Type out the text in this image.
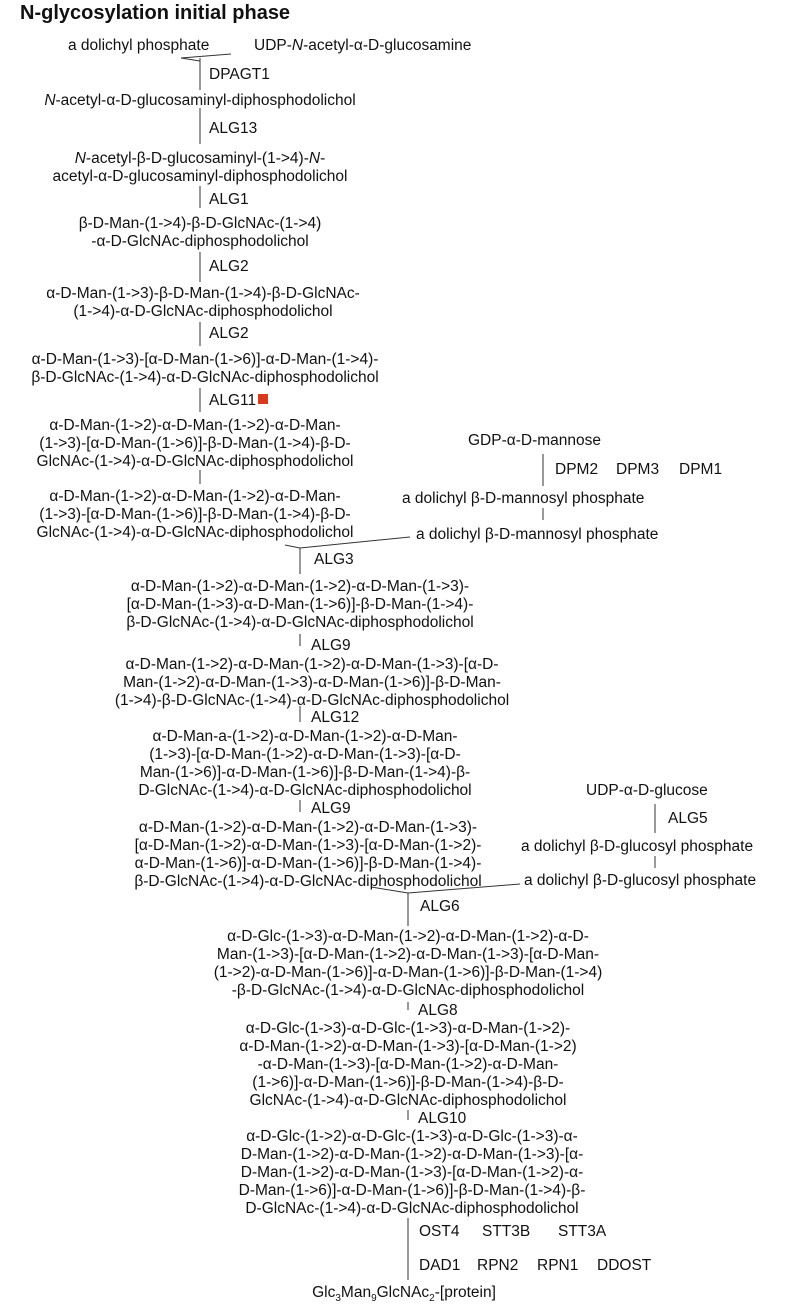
N-glycosylation initial phase
a dolichyl phosphate	UDP-N-acetyl-α-D-glucosamine
DPAGT1
N-acetyl-α-D-glucosaminyl-diphosphodolichol
ALG13
N-acetyl-β-D-glucosaminyl-(1->4)-N-
acetyl-α-D-glucosaminyl-diphosphodolichol
ALG1
β-D-Man-(1->4)-β-D-GlcNAc-(1->4)
-α-D-GlcNAc-diphosphodolichol
ALG2
α-D-Man-(1->3)-β-D-Man-(1->4)-β-D-GlcNAc-
(1->4)-α-D-GlcNAc-diphosphodolichol
ALG2
α-D-Man-(1->3)-[α-D-Man-(1->6)]-α-D-Man-(1->4)-
β-D-GlcNAc-(1->4)-α-D-GlcNAc-diphosphodolichol
ALG11
α-D-Man-(1->2)-α-D-Man-(1->2)-α-D-Man-
(1->3)-[α-D-Man-(1->6)]-β-D-Man-(1->4)-β-D-
GlcNAc-(1->4)-α-D-GlcNAc-diphosphodolichol
α-D-Man-(1->2)-α-D-Man-(1->2)-α-D-Man-
(1->3)-[α-D-Man-(1->6)]-β-D-Man-(1->4)-β-D-
GlcNAc-(1->4)-α-D-GlcNAc-diphosphodolichol
GDP-α-D-mannose
DPM2 DPM3 DPM1
a dolichyl β-D-mannosyl phosphate
a dolichyl β-D-mannosyl phosphate
ALG3
α-D-Man-(1->2)-α-D-Man-(1->2)-α-D-Man-(1->3)-
[α-D-Man-(1->3)-α-D-Man-(1->6)]-β-D-Man-(1->4)-
β-D-GlcNAc-(1->4)-α-D-GlcNAc-diphosphodolichol
ALG9
α-D-Man-(1->2)-α-D-Man-(1->2)-α-D-Man-(1->3)-[α-D-
Man-(1->2)-α-D-Man-(1->3)-α-D-Man-(1->6)]-β-D-Man-
(1->4)-β-D-GlcNAc-(1->4)-α-D-GlcNAc-diphosphodolichol
ALG12
α-D-Man-a-(1->2)-α-D-Man-(1->2)-α-D-Man-
(1->3)-[α-D-Man-(1->2)-α-D-Man-(1->3)-[α-D-
Man-(1->6)]-α-D-Man-(1->6)]-β-D-Man-(1->4)-β-
D-GlcNAc-(1->4)-α-D-GlcNAc-diphosphodolichol
ALG9
α-D-Man-(1->2)-α-D-Man-(1->2)-α-D-Man-(1->3)-
[α-D-Man-(1->2)-α-D-Man-(1->3)-[α-D-Man-(1->2)-
α-D-Man-(1->6)]-α-D-Man-(1->6)]-β-D-Man-(1->4)-
β-D-GlcNAc-(1->4)-α-D-GlcNAc-diphosphodolichol
UDP-α-D-glucose
ALG5
a dolichyl β-D-glucosyl phosphate
a dolichyl β-D-glucosyl phosphate
ALG6
α-D-Glc-(1->3)-α-D-Man-(1->2)-α-D-Man-(1->2)-α-D-
Man-(1->3)-[α-D-Man-(1->2)-α-D-Man-(1->3)-[α-D-Man-
(1->2)-α-D-Man-(1->6)]-α-D-Man-(1->6)]-β-D-Man-(1->4)
-β-D-GlcNAc-(1->4)-α-D-GlcNAc-diphosphodolichol
ALG8
α-D-Glc-(1->3)-α-D-Glc-(1->3)-α-D-Man-(1->2)-
α-D-Man-(1->2)-α-D-Man-(1->3)-[α-D-Man-(1->2)
-α-D-Man-(1->3)-[α-D-Man-(1->2)-α-D-Man-
(1->6)]-α-D-Man-(1->6)]-β-D-Man-(1->4)-β-D-
GlcNAc-(1->4)-α-D-GlcNAc-diphosphodolichol
ALG10
α-D-Glc-(1->2)-α-D-Glc-(1->3)-α-D-Glc-(1->3)-α-
D-Man-(1->2)-α-D-Man-(1->2)-α-D-Man-(1->3)-[α-
D-Man-(1->2)-α-D-Man-(1->3)-[α-D-Man-(1->2)-α-
D-Man-(1->6)]-α-D-Man-(1->6)]-β-D-Man-(1->4)-β-
D-GlcNAc-(1->4)-α-D-GlcNAc-diphosphodolichol
OST4 STT3B STT3A
DAD1 RPN2 RPN1 DDOST
Glc$_3$Man$_9$GlcNAc$_2$-[protein]
